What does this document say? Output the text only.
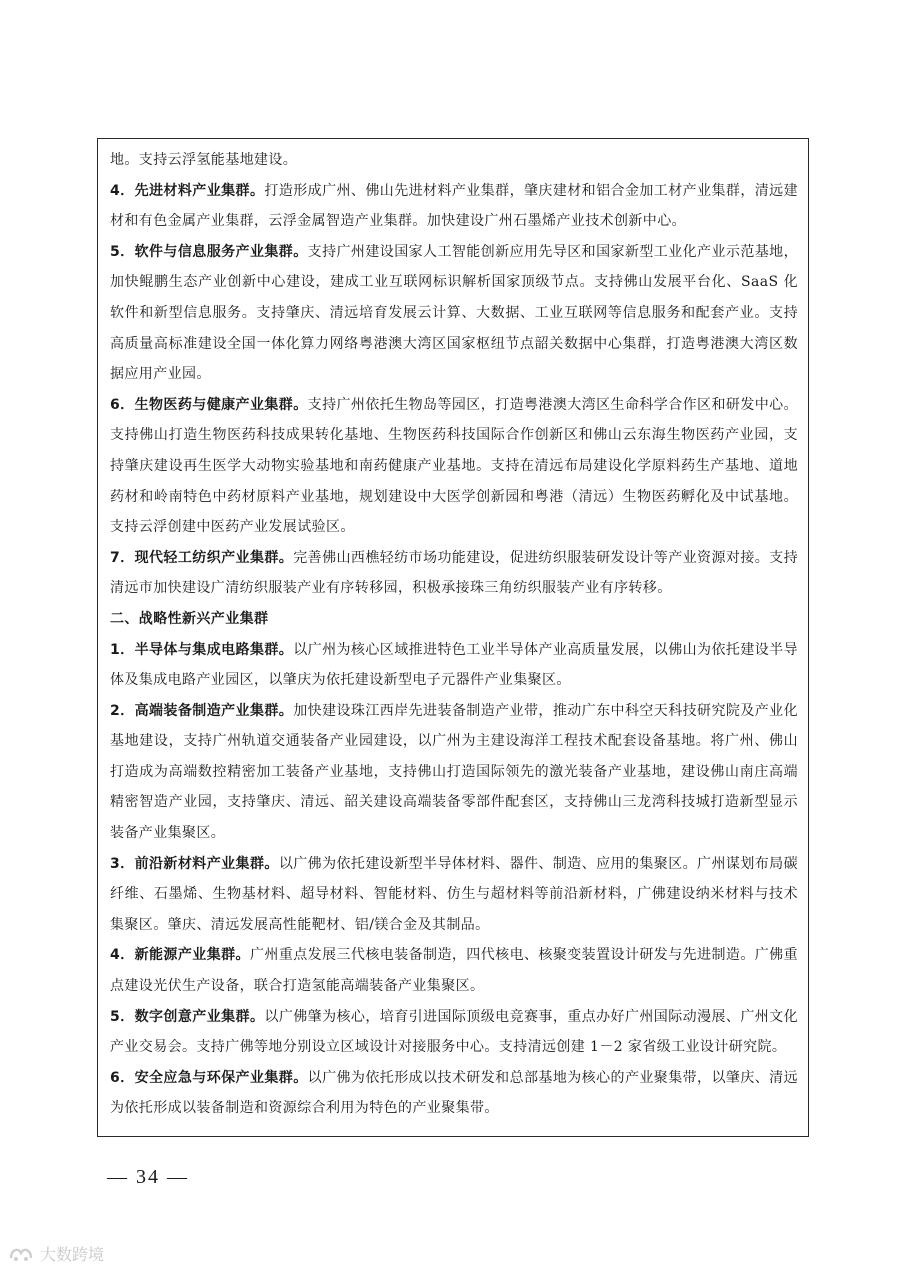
地。支持云浮氢能基地建设。

4．先进材料产业集群。打造形成广州、佛山先进材料产业集群，肇庆建材和铝合金加工材产业集群，清远建材和有色金属产业集群，云浮金属智造产业集群。加快建设广州石墨烯产业技术创新中心。

5．软件与信息服务产业集群。支持广州建设国家人工智能创新应用先导区和国家新型工业化产业示范基地，加快鲲鹏生态产业创新中心建设，建成工业互联网标识解析国家顶级节点。支持佛山发展平台化、SaaS 化软件和新型信息服务。支持肇庆、清远培育发展云计算、大数据、工业互联网等信息服务和配套产业。支持高质量高标准建设全国一体化算力网络粤港澳大湾区国家枢纽节点韶关数据中心集群，打造粤港澳大湾区数据应用产业园。

6．生物医药与健康产业集群。支持广州依托生物岛等园区，打造粤港澳大湾区生命科学合作区和研发中心。支持佛山打造生物医药科技成果转化基地、生物医药科技国际合作创新区和佛山云东海生物医药产业园，支持肇庆建设再生医学大动物实验基地和南药健康产业基地。支持在清远布局建设化学原料药生产基地、道地药材和岭南特色中药材原料产业基地，规划建设中大医学创新园和粤港（清远）生物医药孵化及中试基地。支持云浮创建中医药产业发展试验区。

7．现代轻工纺织产业集群。完善佛山西樵轻纺市场功能建设，促进纺织服装研发设计等产业资源对接。支持清远市加快建设广清纺织服装产业有序转移园，积极承接珠三角纺织服装产业有序转移。

二、战略性新兴产业集群

1．半导体与集成电路集群。以广州为核心区域推进特色工业半导体产业高质量发展，以佛山为依托建设半导体及集成电路产业园区，以肇庆为依托建设新型电子元器件产业集聚区。

2．高端装备制造产业集群。加快建设珠江西岸先进装备制造产业带，推动广东中科空天科技研究院及产业化基地建设，支持广州轨道交通装备产业园建设，以广州为主建设海洋工程技术配套设备基地。将广州、佛山打造成为高端数控精密加工装备产业基地，支持佛山打造国际领先的激光装备产业基地，建设佛山南庄高端精密智造产业园，支持肇庆、清远、韶关建设高端装备零部件配套区，支持佛山三龙湾科技城打造新型显示装备产业集聚区。

3．前沿新材料产业集群。以广佛为依托建设新型半导体材料、器件、制造、应用的集聚区。广州谋划布局碳纤维、石墨烯、生物基材料、超导材料、智能材料、仿生与超材料等前沿新材料，广佛建设纳米材料与技术集聚区。肇庆、清远发展高性能靶材、铝/镁合金及其制品。

4．新能源产业集群。广州重点发展三代核电装备制造，四代核电、核聚变装置设计研发与先进制造。广佛重点建设光伏生产设备，联合打造氢能高端装备产业集聚区。

5．数字创意产业集群。以广佛肇为核心，培育引进国际顶级电竞赛事，重点办好广州国际动漫展、广州文化产业交易会。支持广佛等地分别设立区域设计对接服务中心。支持清远创建 1－2 家省级工业设计研究院。

6．安全应急与环保产业集群。以广佛为依托形成以技术研发和总部基地为核心的产业聚集带，以肇庆、清远为依托形成以装备制造和资源综合利用为特色的产业聚集带。

— 34 —
大数跨境
